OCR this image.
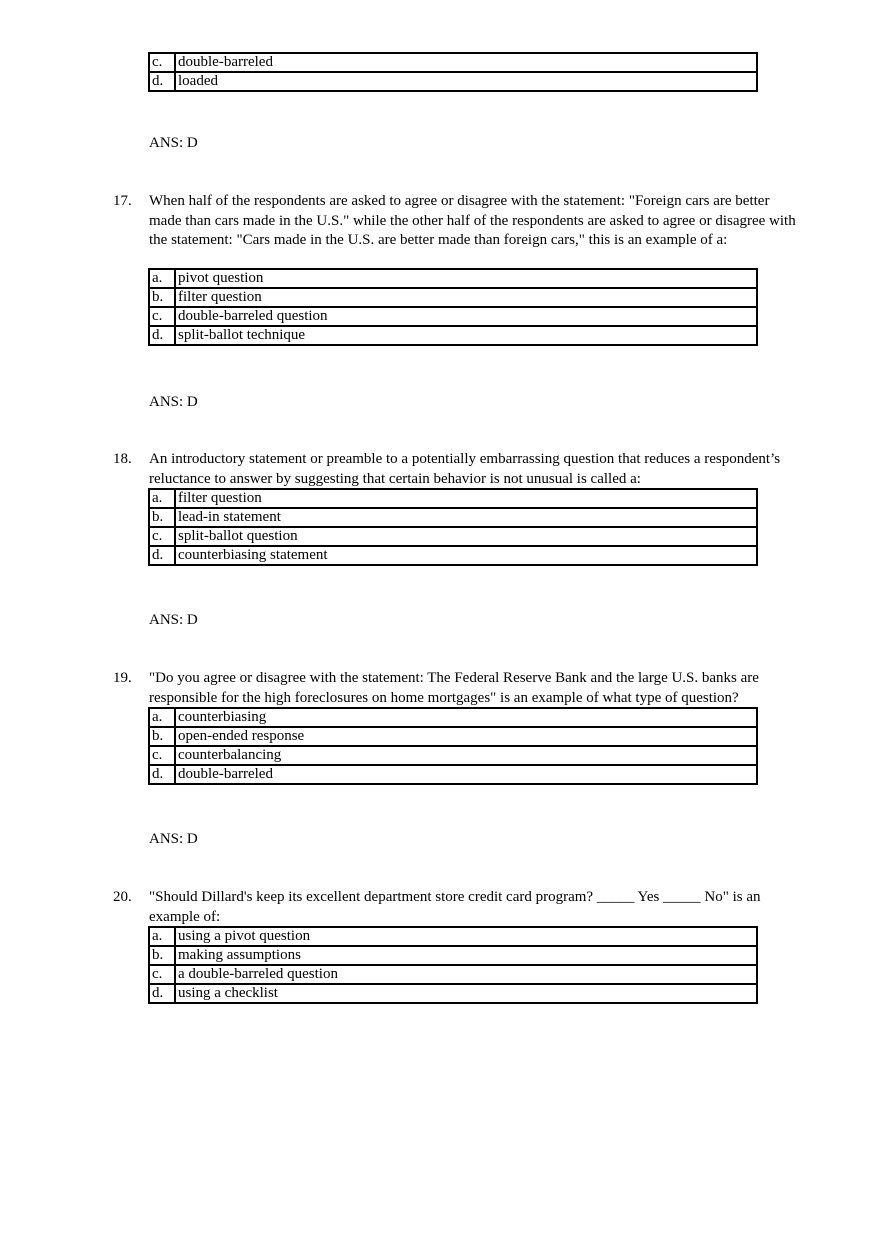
c.	double-barreled
d.	loaded
ANS: D
17.	When half of the respondents are asked to agree or disagree with the statement: "Foreign cars are better made than cars made in the U.S." while the other half of the respondents are asked to agree or disagree with the statement: "Cars made in the U.S. are better made than foreign cars," this is an example of a:
a.	pivot question
b.	filter question
c.	double-barreled question
d.	split-ballot technique
ANS: D
18.	An introductory statement or preamble to a potentially embarrassing question that reduces a respondent’s reluctance to answer by suggesting that certain behavior is not unusual is called a:
a.	filter question
b.	lead-in statement
c.	split-ballot question
d.	counterbiasing statement
ANS: D
19.	"Do you agree or disagree with the statement: The Federal Reserve Bank and the large U.S. banks are responsible for the high foreclosures on home mortgages" is an example of what type of question?
a.	counterbiasing
b.	open-ended response
c.	counterbalancing
d.	double-barreled
ANS: D
20.	"Should Dillard's keep its excellent department store credit card program? _____ Yes _____ No" is an example of:
a.	using a pivot question
b.	making assumptions
c.	a double-barreled question
d.	using a checklist
